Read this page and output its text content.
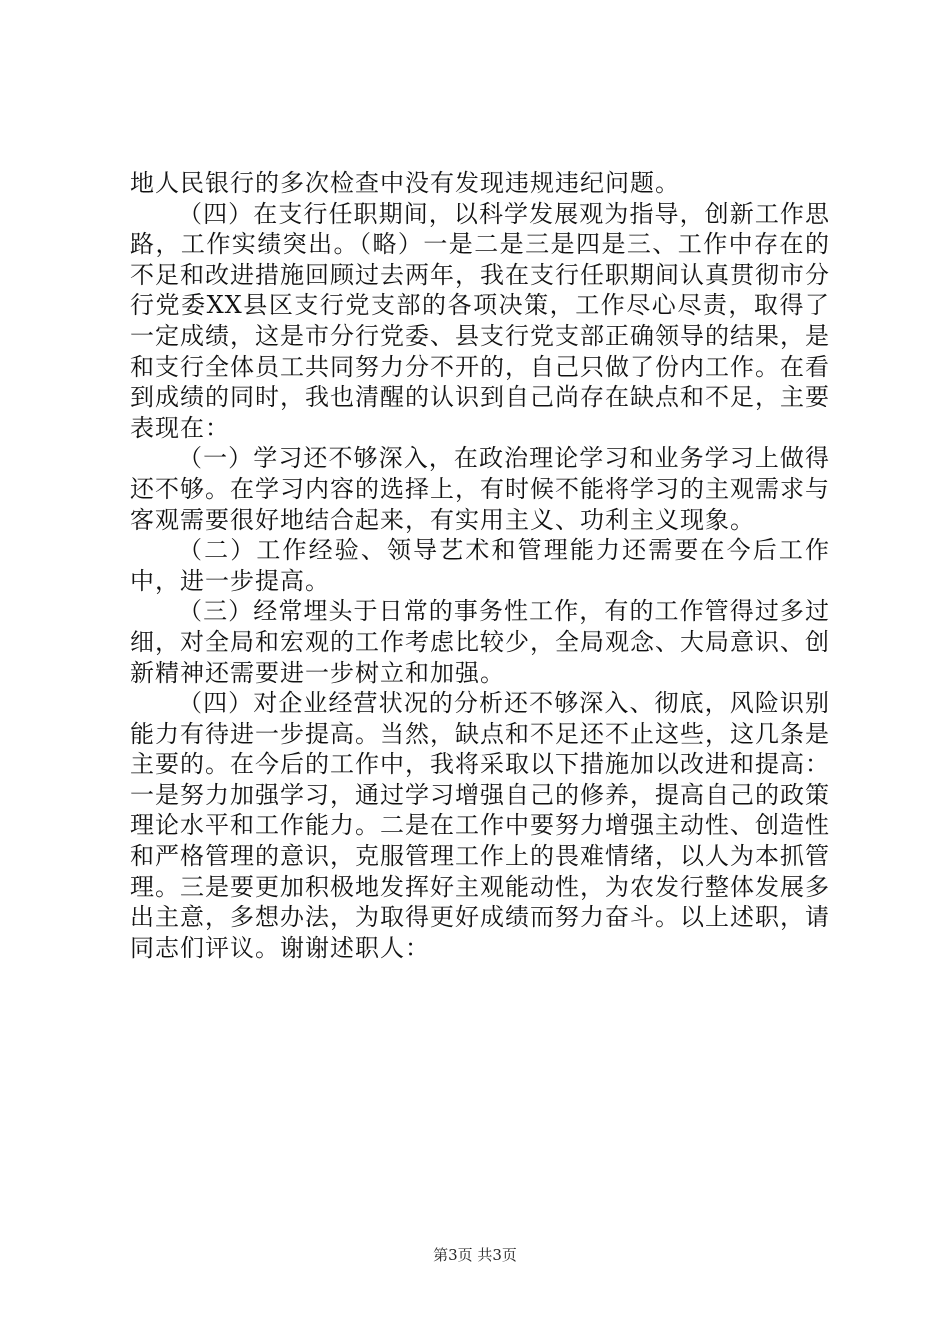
地人民银行的多次检查中没有发现违规违纪问题。

（四）在支行任职期间，以科学发展观为指导，创新工作思路，工作实绩突出。（略）一是二是三是四是三、工作中存在的不足和改进措施回顾过去两年，我在支行任职期间认真贯彻市分行党委XX县区支行党支部的各项决策，工作尽心尽责，取得了一定成绩，这是市分行党委、县支行党支部正确领导的结果，是和支行全体员工共同努力分不开的，自己只做了份内工作。在看到成绩的同时，我也清醒的认识到自己尚存在缺点和不足，主要表现在：

（一）学习还不够深入，在政治理论学习和业务学习上做得还不够。在学习内容的选择上，有时候不能将学习的主观需求与客观需要很好地结合起来，有实用主义、功利主义现象。

（二）工作经验、领导艺术和管理能力还需要在今后工作中，进一步提高。

（三）经常埋头于日常的事务性工作，有的工作管得过多过细，对全局和宏观的工作考虑比较少，全局观念、大局意识、创新精神还需要进一步树立和加强。

（四）对企业经营状况的分析还不够深入、彻底，风险识别能力有待进一步提高。当然，缺点和不足还不止这些，这几条是主要的。在今后的工作中，我将采取以下措施加以改进和提高：一是努力加强学习，通过学习增强自己的修养，提高自己的政策理论水平和工作能力。二是在工作中要努力增强主动性、创造性和严格管理的意识，克服管理工作上的畏难情绪，以人为本抓管理。三是要更加积极地发挥好主观能动性，为农发行整体发展多出主意，多想办法，为取得更好成绩而努力奋斗。以上述职，请同志们评议。谢谢述职人：

第3页 共3页
